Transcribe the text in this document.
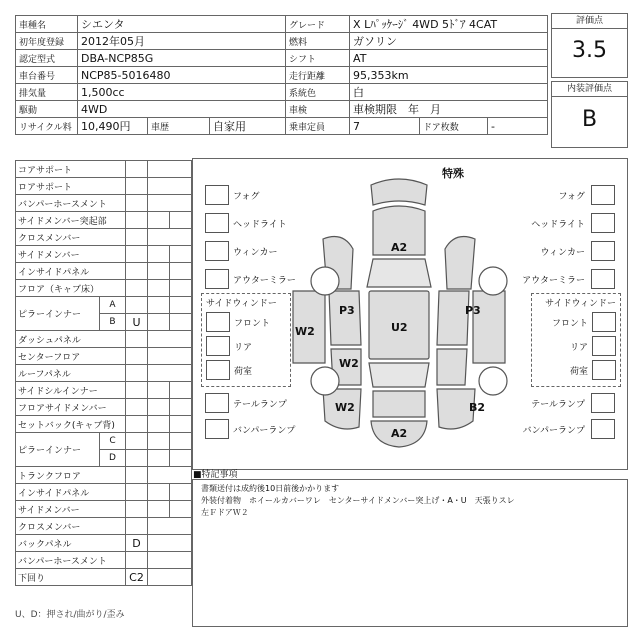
車種名	シエンタ			グレード	X Lﾊﾟｯｹｰｼﾞ 4WD 5ﾄﾞｱ 4CAT		
初年度登録	2012年05月			燃料	ガソリン		
認定型式	DBA-NCP85G			シフト	AT		
車台番号	NCP85-5016480			走行距離	95,353km		
排気量	1,500cc			系統色	白		
駆動	4WD			車検	車検期限　年　月		
リサイクル料	10,490円	車歴	自家用	乗車定員	7	ドア枚数	-
評価点
3.5
内装評価点
B
コアサポート				
ロアサポート				
バンパーホースメント				
サイドメンバー突起部				
クロスメンバー				
サイドメンバー				
インサイドパネル				
フロア（キャブ床）				
ピラーインナー	A			
	B	U		
ダッシュパネル				
センターフロア				
ルーフパネル				
サイドシルインナー				
フロアサイドメンバー				
セットバック(キャブ背)				
ピラーインナー	C			
	D			
トランクフロア				
インサイドパネル				
サイドメンバー				
クロスメンバー				
バックパネル		D		
バンパーホースメント				
下回り		C2		
特殊
A2
P3	P3
W2	U2
W2
W2	B2
A2
フォグ
ヘッドライト
ウィンカー
アウターミラー
フォグ
ヘッドライト
ウィンカー
アウターミラー
サイドウィンドー
フロント
リア
荷室
サイドウィンドー
フロント
リア
荷室
テールランプ
バンパーランプ
テールランプ
バンパーランプ
■特記事項
書類送付は成約後10日前後かかります
外装付着物　ホイールカバーワレ　センターサイドメンバー突上げ・A・U　天張りスレ
左ＦドアＷ２
U、D：押され/曲がり/歪み
